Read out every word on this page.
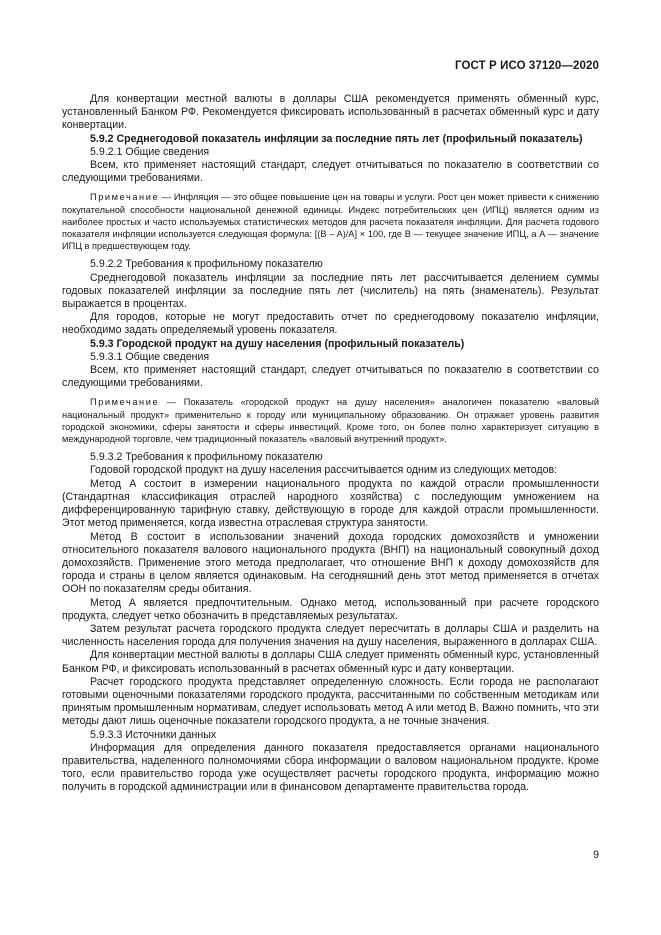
ГОСТ Р ИСО 37120—2020

Для конвертации местной валюты в доллары США рекомендуется применять обменный курс, установленный Банком РФ. Рекомендуется фиксировать использованный в расчетах обменный курс и дату конвертации.

5.9.2 Среднегодовой показатель инфляции за последние пять лет (профильный показатель)

5.9.2.1 Общие сведения

Всем, кто применяет настоящий стандарт, следует отчитываться по показателю в соответствии со следующими требованиями.

Примечание — Инфляция — это общее повышение цен на товары и услуги. Рост цен может привести к снижению покупательной способности национальной денежной единицы. Индекс потребительских цен (ИПЦ) является одним из наиболее простых и часто используемых статистических методов для расчета показателя инфляции. Для расчета годового показателя инфляции используется следующая формула: [(B – A)/A] × 100, где B — текущее значение ИПЦ, а A — значение ИПЦ в предшествующем году.

5.9.2.2 Требования к профильному показателю

Среднегодовой показатель инфляции за последние пять лет рассчитывается делением суммы годовых показателей инфляции за последние пять лет (числитель) на пять (знаменатель). Результат выражается в процентах.

Для городов, которые не могут предоставить отчет по среднегодовому показателю инфляции, необходимо задать определяемый уровень показателя.

5.9.3 Городской продукт на душу населения (профильный показатель)

5.9.3.1 Общие сведения

Всем, кто применяет настоящий стандарт, следует отчитываться по показателю в соответствии со следующими требованиями.

Примечание — Показатель «городской продукт на душу населения» аналогичен показателю «валовый национальный продукт» применительно к городу или муниципальному образованию. Он отражает уровень развития городской экономики, сферы занятости и сферы инвестиций. Кроме того, он более полно характеризует ситуацию в международной торговле, чем традиционный показатель «валовый внутренний продукт».

5.9.3.2 Требования к профильному показателю

Годовой городской продукт на душу населения рассчитывается одним из следующих методов:

Метод A состоит в измерении национального продукта по каждой отрасли промышленности (Стандартная классификация отраслей народного хозяйства) с последующим умножением на дифференцированную тарифную ставку, действующую в городе для каждой отрасли промышленности. Этот метод применяется, когда известна отраслевая структура занятости.

Метод B состоит в использовании значений дохода городских домохозяйств и умножении относительного показателя валового национального продукта (ВНП) на национальный совокупный доход домохозяйств. Применение этого метода предполагает, что отношение ВНП к доходу домохозяйств для города и страны в целом является одинаковым. На сегодняшний день этот метод применяется в отчетах ООН по показателям среды обитания.

Метод A является предпочтительным. Однако метод, использованный при расчете городского продукта, следует четко обозначить в представляемых результатах.

Затем результат расчета городского продукта следует пересчитать в доллары США и разделить на численность населения города для получения значения на душу населения, выраженного в долларах США.

Для конвертации местной валюты в доллары США следует применять обменный курс, установленный Банком РФ, и фиксировать использованный в расчетах обменный курс и дату конвертации.

Расчет городского продукта представляет определенную сложность. Если города не располагают готовыми оценочными показателями городского продукта, рассчитанными по собственным методикам или принятым промышленным нормативам, следует использовать метод A или метод B. Важно помнить, что эти методы дают лишь оценочные показатели городского продукта, а не точные значения.

5.9.3.3 Источники данных

Информация для определения данного показателя предоставляется органами национального правительства, наделенного полномочиями сбора информации о валовом национальном продукте. Кроме того, если правительство города уже осуществляет расчеты городского продукта, информацию можно получить в городской администрации или в финансовом департаменте правительства города.

9
